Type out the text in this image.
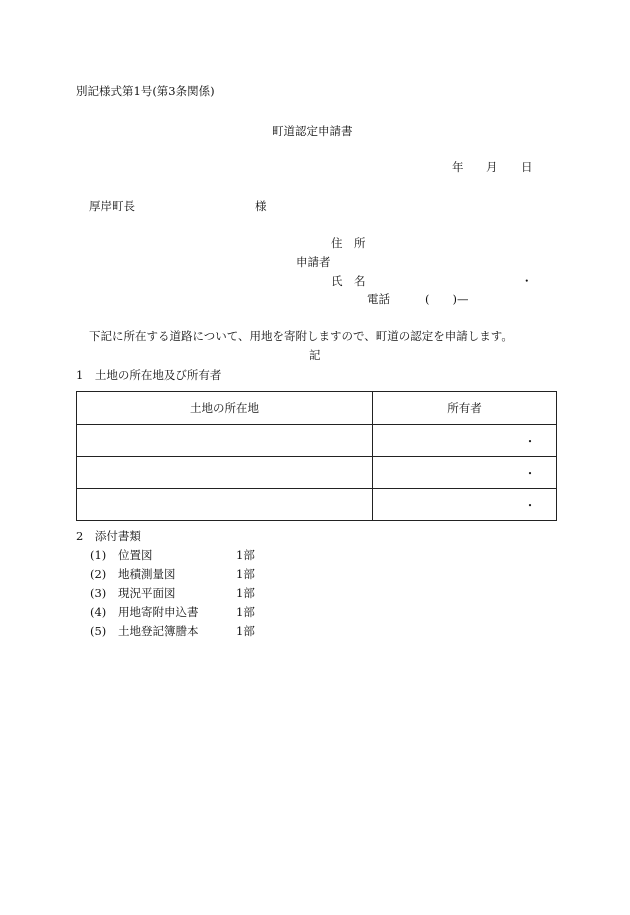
別記様式第1号(第3条関係)
町道認定申請書
年 月 日
厚岸町長	様
住　所
申請者
氏　名	・
電話	(　　)—
下記に所在する道路について、用地を寄附しますので、町道の認定を申請します。
記
1　土地の所在地及び所有者
土地の所在地	所有者

	・

	・

	・
2　添付書類
(1) 位置図	1部
(2) 地積測量図	1部
(3) 現況平面図	1部
(4) 用地寄附申込書	1部
(5) 土地登記簿謄本	1部
